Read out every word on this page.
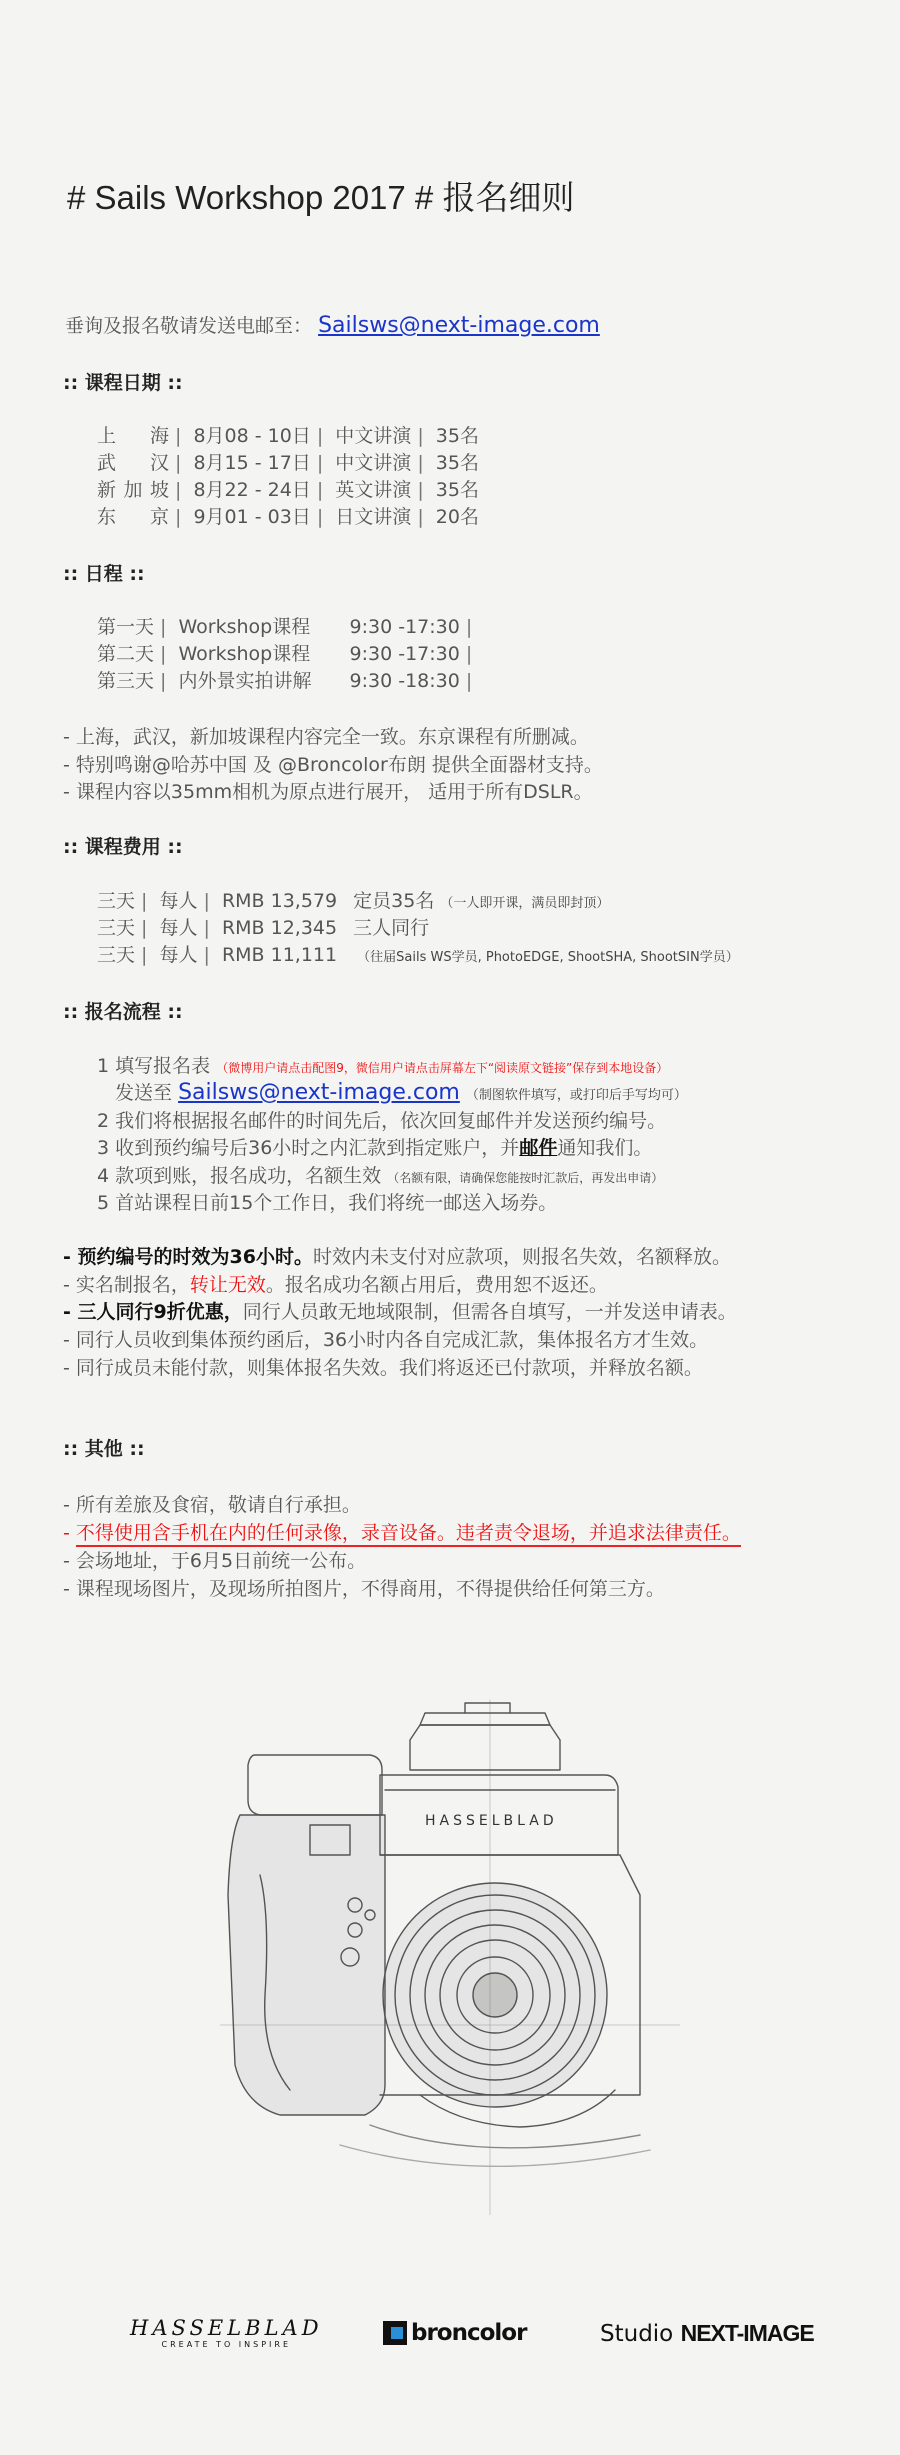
# Sails Workshop 2017 # 报名细则
垂询及报名敬请发送电邮至： Sailsws@next-image.com
:: 课程日期 ::
上海 | 8月08 - 10日 | 中文讲演 | 35名
武汉 | 8月15 - 17日 | 中文讲演 | 35名
新加坡 | 8月22 - 24日 | 英文讲演 | 35名
东京 | 9月01 - 03日 | 日文讲演 | 20名
:: 日程 ::
第一天 | Workshop课程 9:30 -17:30 |
第二天 | Workshop课程 9:30 -17:30 |
第三天 | 内外景实拍讲解 9:30 -18:30 |
- 上海，武汉，新加坡课程内容完全一致。东京课程有所删减。
- 特别鸣谢@哈苏中国 及 @Broncolor布朗 提供全面器材支持。
- 课程内容以35mm相机为原点进行展开， 适用于所有DSLR。
:: 课程费用 ::
三天 | 每人 | RMB 13,579 定员35名 （一人即开课，满员即封顶）
三天 | 每人 | RMB 12,345 三人同行
三天 | 每人 | RMB 11,111 （往届Sails WS学员, PhotoEDGE, ShootSHA, ShootSIN学员）
:: 报名流程 ::
1 填写报名表 （微博用户请点击配图9，微信用户请点击屏幕左下“阅读原文链接”保存到本地设备）
发送至 Sailsws@next-image.com （制图软件填写，或打印后手写均可）
2 我们将根据报名邮件的时间先后，依次回复邮件并发送预约编号。
3 收到预约编号后36小时之内汇款到指定账户，并邮件通知我们。
4 款项到账，报名成功，名额生效 （名额有限，请确保您能按时汇款后，再发出申请）
5 首站课程日前15个工作日，我们将统一邮送入场券。
- 预约编号的时效为36小时。时效内未支付对应款项，则报名失效，名额释放。
- 实名制报名，转让无效。报名成功名额占用后，费用恕不返还。
- 三人同行9折优惠，同行人员敢无地域限制，但需各自填写，一并发送申请表。
- 同行人员收到集体预约函后，36小时内各自完成汇款，集体报名方才生效。
- 同行成员未能付款，则集体报名失效。我们将返还已付款项，并释放名额。
:: 其他 ::
- 所有差旅及食宿，敬请自行承担。
- 不得使用含手机在内的任何录像，录音设备。违者责令退场，并追求法律责任。
- 会场地址，于6月5日前统一公布。
- 课程现场图片，及现场所拍图片，不得商用，不得提供给任何第三方。
HASSELBLAD
HASSELBLAD
CREATE TO INSPIRE	broncolor	Studio NEXT-IMAGE
